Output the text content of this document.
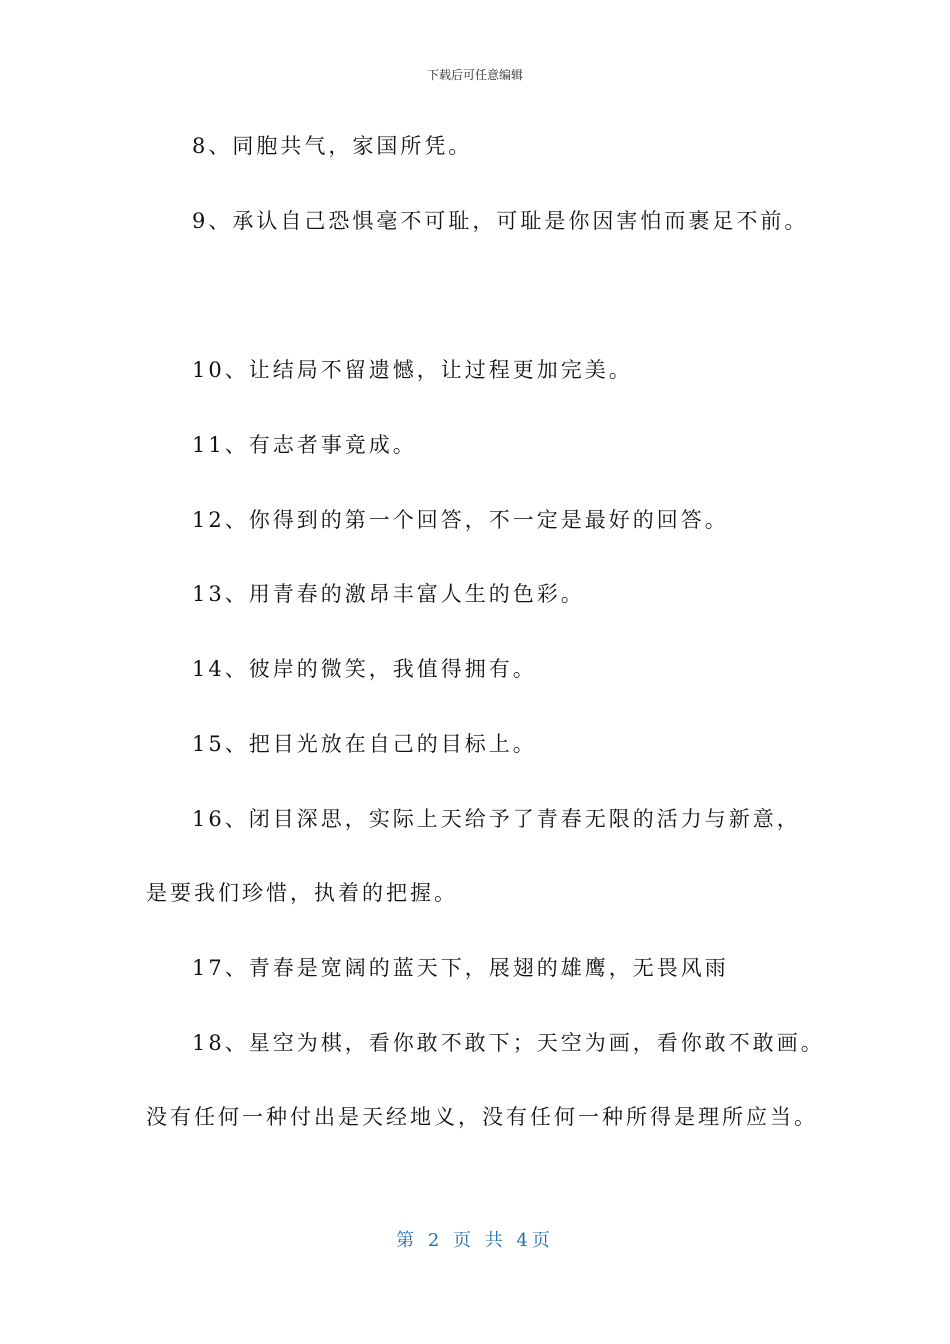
下载后可任意编辑
8、同胞共气，家国所凭。
9、承认自己恐惧毫不可耻，可耻是你因害怕而裹足不前。
10、让结局不留遗憾，让过程更加完美。
11、有志者事竟成。
12、你得到的第一个回答，不一定是最好的回答。
13、用青春的激昂丰富人生的色彩。
14、彼岸的微笑，我值得拥有。
15、把目光放在自己的目标上。
16、闭目深思，实际上天给予了青春无限的活力与新意，
是要我们珍惜，执着的把握。
17、青春是宽阔的蓝天下，展翅的雄鹰，无畏风雨
18、星空为棋，看你敢不敢下；天空为画，看你敢不敢画。
没有任何一种付出是天经地义，没有任何一种所得是理所应当。
第 2 页 共 4页
